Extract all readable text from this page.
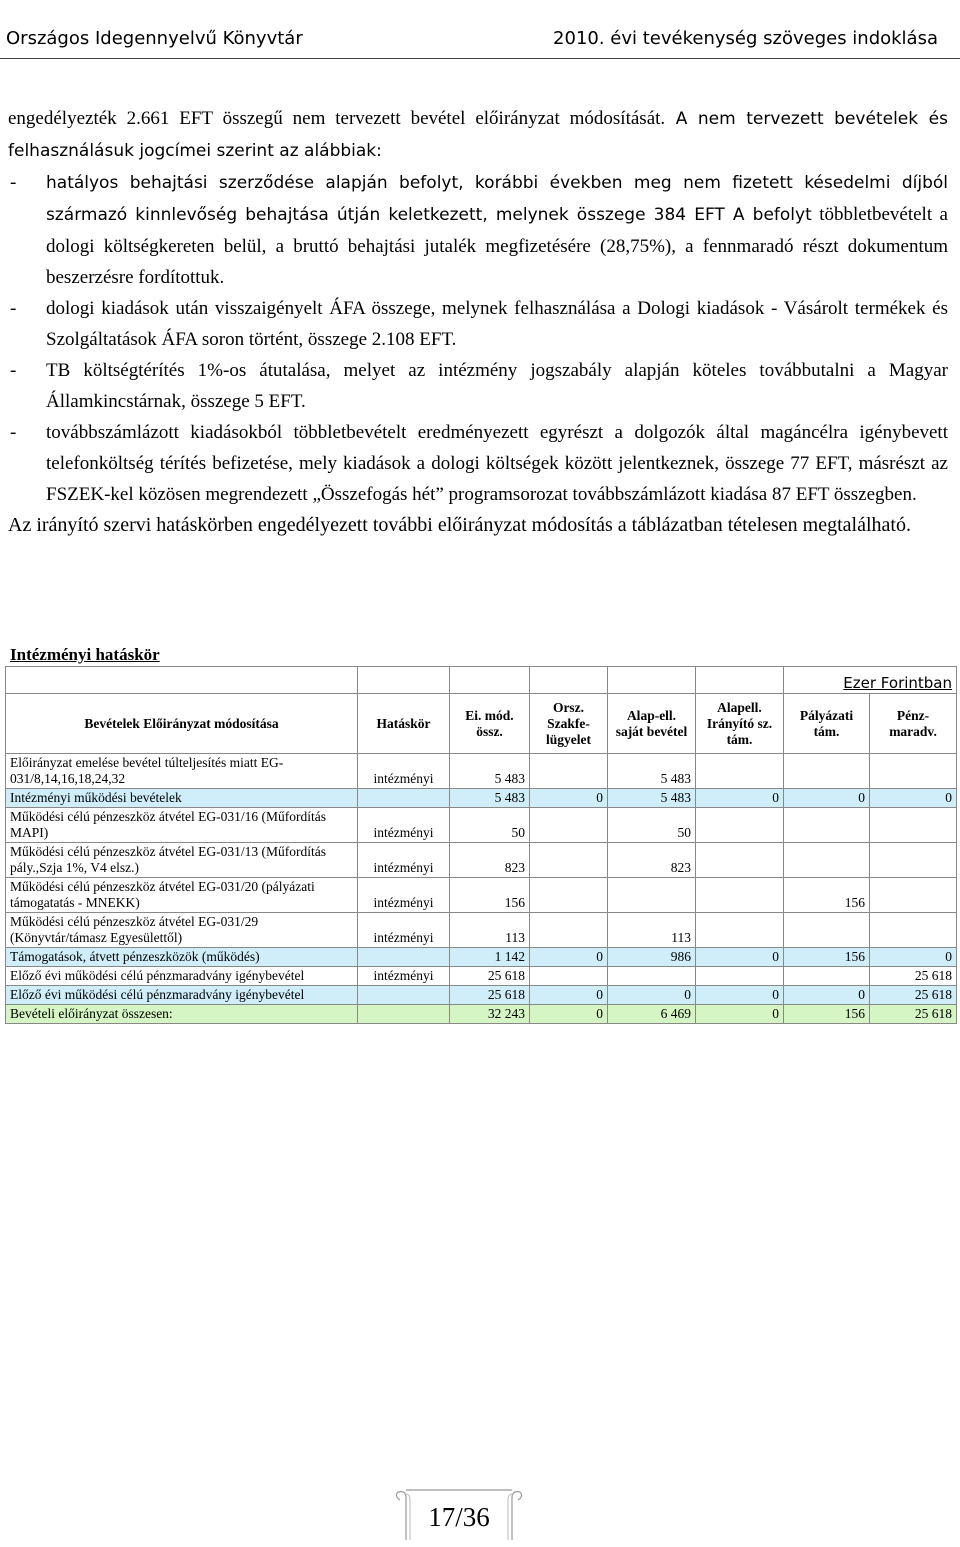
Országos Idegennyelvű Könyvtár	2010. évi tevékenység szöveges indoklása

engedélyezték 2.661 EFT összegű nem tervezett bevétel előirányzat módosítását. A nem tervezett bevételek és felhasználásuk jogcímei szerint az alábbiak:

- hatályos behajtási szerződése alapján befolyt, korábbi években meg nem fizetett késedelmi díjból származó kinnlevőség behajtása útján keletkezett, melynek összege 384 EFT A befolyt többletbevételt a dologi költségkereten belül, a bruttó behajtási jutalék megfizetésére (28,75%), a fennmaradó részt dokumentum beszerzésre fordítottuk.
- dologi kiadások után visszaigényelt ÁFA összege, melynek felhasználása a Dologi kiadások - Vásárolt termékek és Szolgáltatások ÁFA soron történt, összege 2.108 EFT.
- TB költségtérítés 1%-os átutalása, melyet az intézmény jogszabály alapján köteles továbbutalni a Magyar Államkincstárnak, összege 5 EFT.
- továbbszámlázott kiadásokból többletbevételt eredményezett egyrészt a dolgozók által magáncélra igénybevett telefonköltség térítés befizetése, mely kiadások a dologi költségek között jelentkeznek, összege 77 EFT, másrészt az FSZEK-kel közösen megrendezett „Összefogás hét” programsorozat továbbszámlázott kiadása 87 EFT összegben.

Az irányító szervi hatáskörben engedélyezett további előirányzat módosítás a táblázatban tételesen megtalálható.

Intézményi hatáskör
						Ezer Forintban	
Bevételek Előirányzat módosítása	Hatáskör	Ei. mód. össz.	Orsz. Szakfe-lügyelet	Alap-ell. saját bevétel	Alapell. Irányító sz. tám.	Pályázati tám.	Pénz-maradv.
Előirányzat emelése bevétel túlteljesítés miatt EG-031/8,14,16,18,24,32	intézményi	5 483		5 483			
Intézményi működési bevételek		5 483	0	5 483	0	0	0
Működési célú pénzeszköz átvétel EG-031/16 (Műfordítás MAPI)	intézményi	50		50			
Működési célú pénzeszköz átvétel EG-031/13 (Műfordítás pály.,Szja 1%, V4 elsz.)	intézményi	823		823			
Működési célú pénzeszköz átvétel EG-031/20 (pályázati támogatatás - MNEKK)	intézményi	156				156	
Működési célú pénzeszköz átvétel EG-031/29 (Könyvtár/támasz Egyesülettől)	intézményi	113		113			
Támogatások, átvett pénzeszközök (működés)		1 142	0	986	0	156	0
Előző évi működési célú pénzmaradvány igénybevétel	intézményi	25 618					25 618
Előző évi működési célú pénzmaradvány igénybevétel		25 618	0	0	0	0	25 618
Bevételi előirányzat összesen:		32 243	0	6 469	0	156	25 618
17/36
